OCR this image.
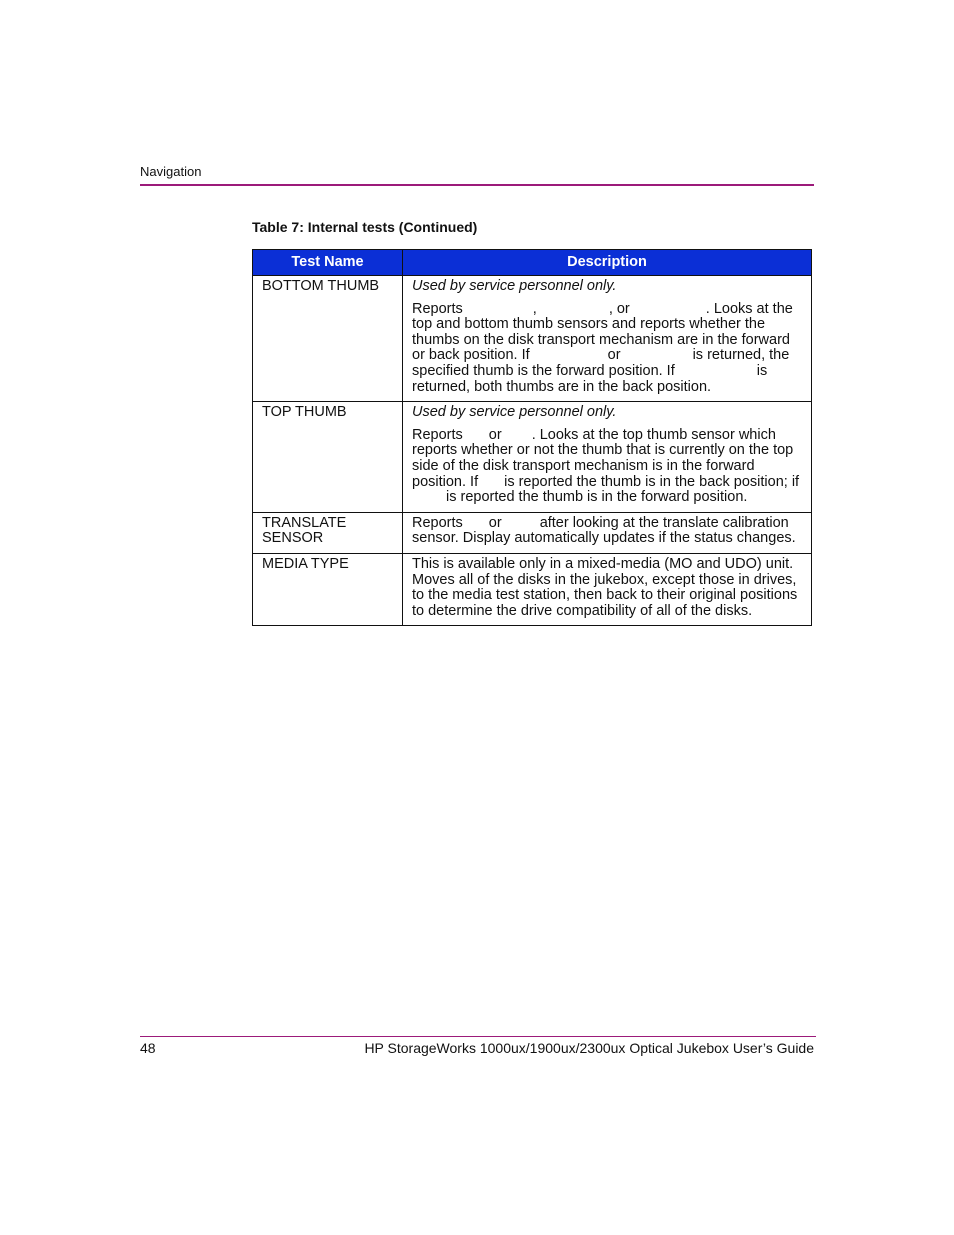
Navigation
Table 7: Internal tests (Continued)
Test Name	Description
BOTTOM THUMB	Used by service personnel only.

Reports , , or . Looks at the top and bottom thumb sensors and reports whether the thumbs on the disk transport mechanism are in the forward or back position. If or is returned, the specified thumb is the forward position. If is returned, both thumbs are in the back position.

TOP THUMB	Used by service personnel only.

Reports or . Looks at the top thumb sensor which reports whether or not the thumb that is currently on the top side of the disk transport mechanism is in the forward position. If is reported the thumb is in the back position; ifis reported the thumb is in the forward position.

TRANSLATE SENSOR	Reports or after looking at the translate calibration sensor. Display automatically updates if the status changes.

MEDIA TYPE	This is available only in a mixed-media (MO and UDO) unit. Moves all of the disks in the jukebox, except those in drives, to the media test station, then back to their original positions to determine the drive compatibility of all of the disks.

48	HP StorageWorks 1000ux/1900ux/2300ux Optical Jukebox User’s Guide
